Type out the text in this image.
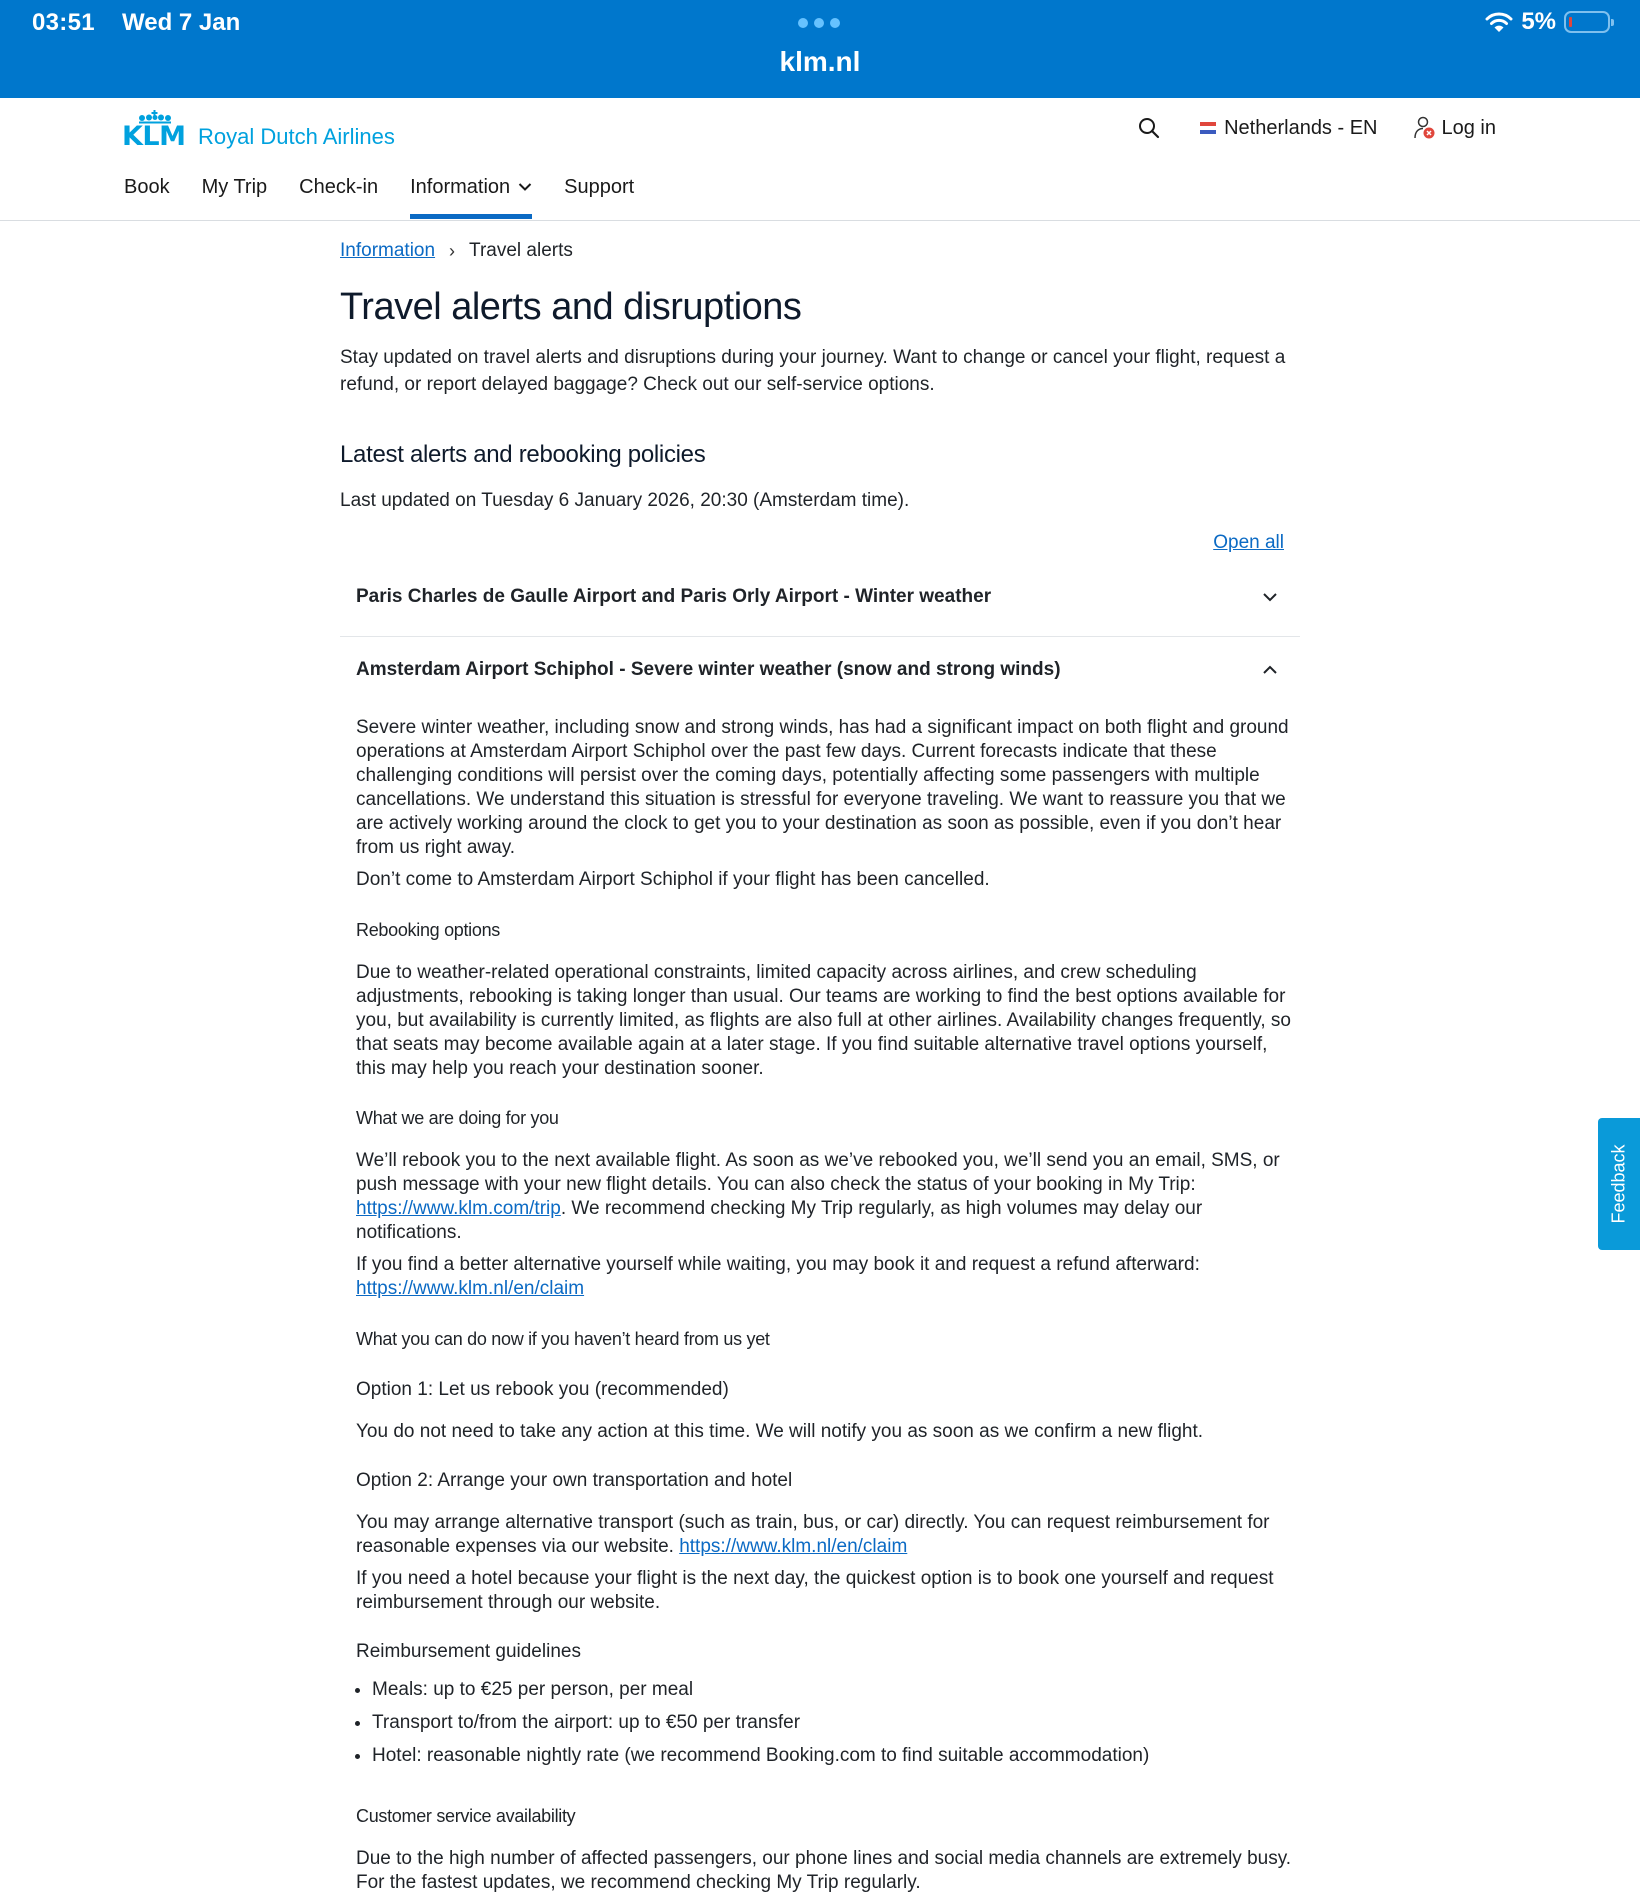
03:51 Wed 7 Jan
klm.nl
5%
KLM Royal Dutch Airlines
Book My Trip Check-in Information	Support
Netherlands - EN	Log in
Information › Travel alerts
Travel alerts and disruptions

Stay updated on travel alerts and disruptions during your journey. Want to change or cancel your flight, request a refund, or report delayed baggage? Check out our self-service options.

Latest alerts and rebooking policies

Last updated on Tuesday 6 January 2026, 20:30 (Amsterdam time).

Open all
Paris Charles de Gaulle Airport and Paris Orly Airport - Winter weather
Amsterdam Airport Schiphol - Severe winter weather (snow and strong winds)

Severe winter weather, including snow and strong winds, has had a significant impact on both flight and ground operations at Amsterdam Airport Schiphol over the past few days. Current forecasts indicate that these challenging conditions will persist over the coming days, potentially affecting some passengers with multiple cancellations. We understand this situation is stressful for everyone traveling. We want to reassure you that we are actively working around the clock to get you to your destination as soon as possible, even if you don’t hear from us right away.

Don’t come to Amsterdam Airport Schiphol if your flight has been cancelled.

Rebooking options

Due to weather-related operational constraints, limited capacity across airlines, and crew scheduling adjustments, rebooking is taking longer than usual. Our teams are working to find the best options available for you, but availability is currently limited, as flights are also full at other airlines. Availability changes frequently, so that seats may become available again at a later stage. If you find suitable alternative travel options yourself, this may help you reach your destination sooner.

What we are doing for you

We’ll rebook you to the next available flight. As soon as we’ve rebooked you, we’ll send you an email, SMS, or push message with your new flight details. You can also check the status of your booking in My Trip: https://www.klm.com/trip. We recommend checking My Trip regularly, as high volumes may delay our notifications.

If you find a better alternative yourself while waiting, you may book it and request a refund afterward:
https://www.klm.nl/en/claim

What you can do now if you haven’t heard from us yet

Option 1: Let us rebook you (recommended)

You do not need to take any action at this time. We will notify you as soon as we confirm a new flight.

Option 2: Arrange your own transportation and hotel

You may arrange alternative transport (such as train, bus, or car) directly. You can request reimbursement for reasonable expenses via our website. https://www.klm.nl/en/claim

If you need a hotel because your flight is the next day, the quickest option is to book one yourself and request reimbursement through our website.

Reimbursement guidelines

• Meals: up to €25 per person, per meal
• Transport to/from the airport: up to €50 per transfer
• Hotel: reasonable nightly rate (we recommend Booking.com to find suitable accommodation)

Customer service availability

Due to the high number of affected passengers, our phone lines and social media channels are extremely busy. For the fastest updates, we recommend checking My Trip regularly.

Feedback
